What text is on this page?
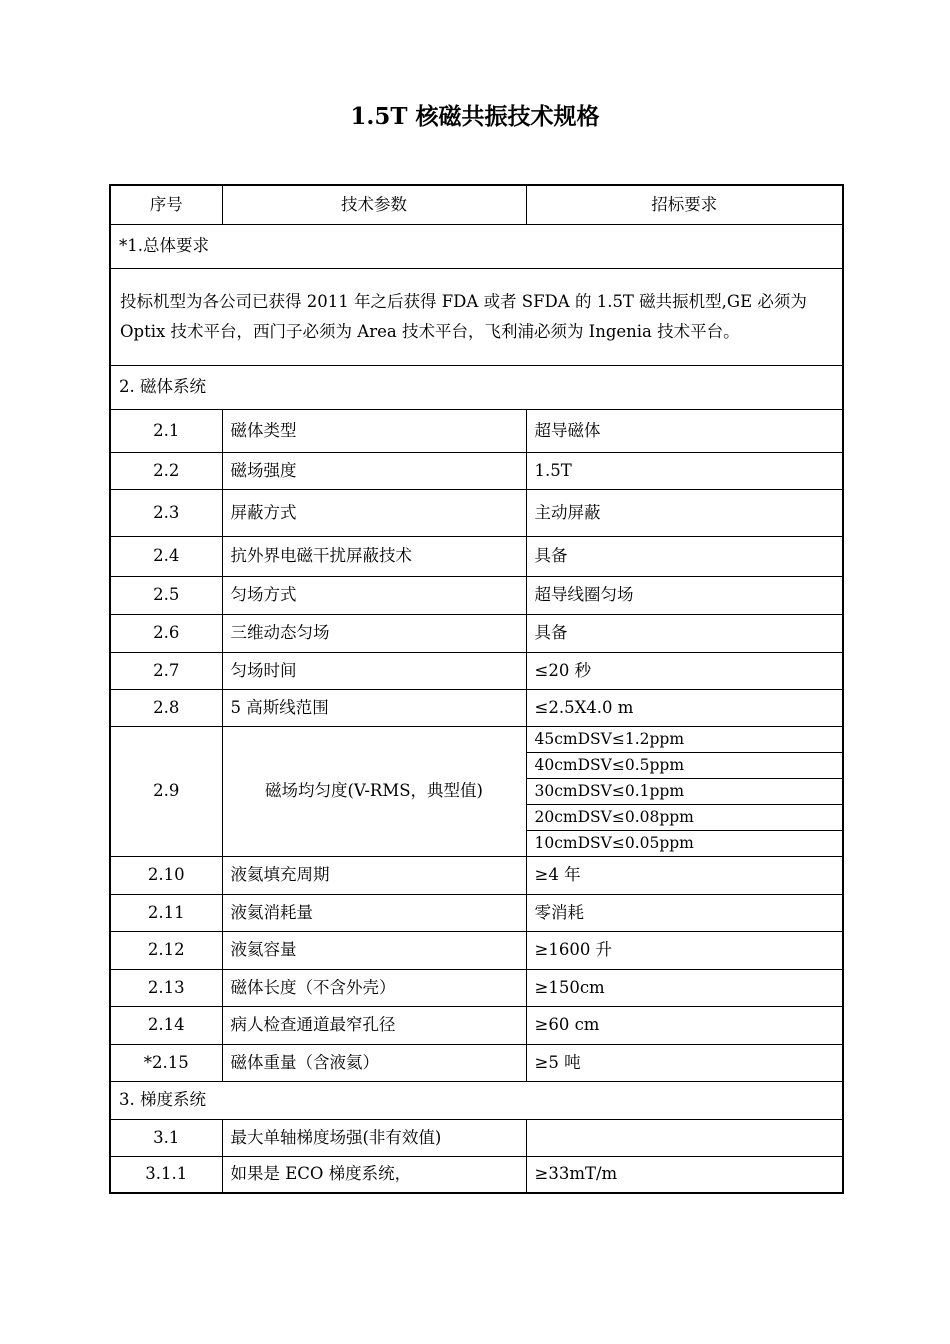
1.5T 核磁共振技术规格
序号	技术参数	招标要求
*1.总体要求		
投标机型为各公司已获得 2011 年之后获得 FDA 或者 SFDA 的 1.5T 磁共振机型,GE 必须为 Optix 技术平台，西门子必须为 Area 技术平台，飞利浦必须为 Ingenia 技术平台。		
2. 磁体系统		
2.1	磁体类型	超导磁体
2.2	磁场强度	1.5T
2.3	屏蔽方式	主动屏蔽
2.4	抗外界电磁干扰屏蔽技术	具备
2.5	匀场方式	超导线圈匀场
2.6	三维动态匀场	具备
2.7	匀场时间	≤20 秒
2.8	5 高斯线范围	≤2.5X4.0 m
2.9	磁场均匀度(V-RMS，典型值)	45cmDSV≤1.2ppm
40cmDSV≤0.5ppm
30cmDSV≤0.1ppm
20cmDSV≤0.08ppm
10cmDSV≤0.05ppm

2.10	液氦填充周期	≥4 年
2.11	液氦消耗量	零消耗
2.12	液氦容量	≥1600 升
2.13	磁体长度（不含外壳）	≥150cm
2.14	病人检查通道最窄孔径	≥60 cm
*2.15	磁体重量（含液氦）	≥5 吨
3. 梯度系统		
3.1	最大单轴梯度场强(非有效值)	
3.1.1	如果是 ECO 梯度系统，	≥33mT/m
